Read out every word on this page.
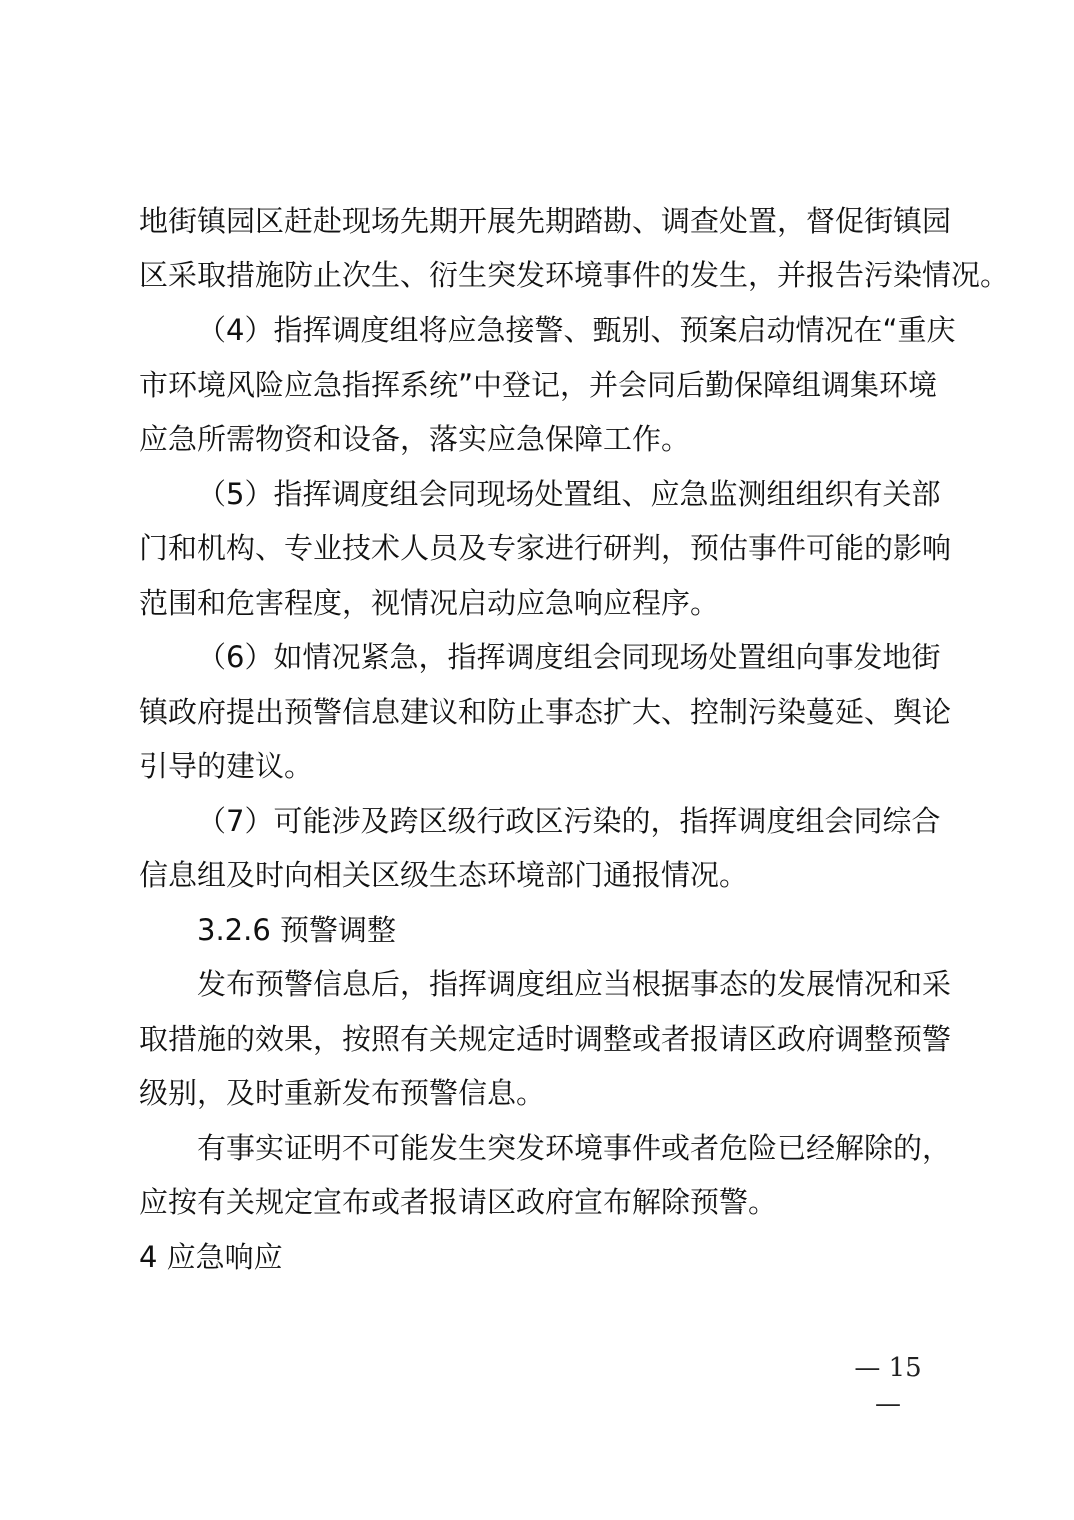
地街镇园区赶赴现场先期开展先期踏勘、调查处置，督促街镇园
区采取措施防止次生、衍生突发环境事件的发生，并报告污染情况。
（4）指挥调度组将应急接警、甄别、预案启动情况在“重庆
市环境风险应急指挥系统”中登记，并会同后勤保障组调集环境
应急所需物资和设备，落实应急保障工作。
（5）指挥调度组会同现场处置组、应急监测组组织有关部
门和机构、专业技术人员及专家进行研判，预估事件可能的影响
范围和危害程度，视情况启动应急响应程序。
（6）如情况紧急，指挥调度组会同现场处置组向事发地街
镇政府提出预警信息建议和防止事态扩大、控制污染蔓延、舆论
引导的建议。
（7）可能涉及跨区级行政区污染的，指挥调度组会同综合
信息组及时向相关区级生态环境部门通报情况。
3.2.6 预警调整
发布预警信息后，指挥调度组应当根据事态的发展情况和采
取措施的效果，按照有关规定适时调整或者报请区政府调整预警
级别，及时重新发布预警信息。
有事实证明不可能发生突发环境事件或者危险已经解除的，
应按有关规定宣布或者报请区政府宣布解除预警。
4 应急响应
— 15 —
